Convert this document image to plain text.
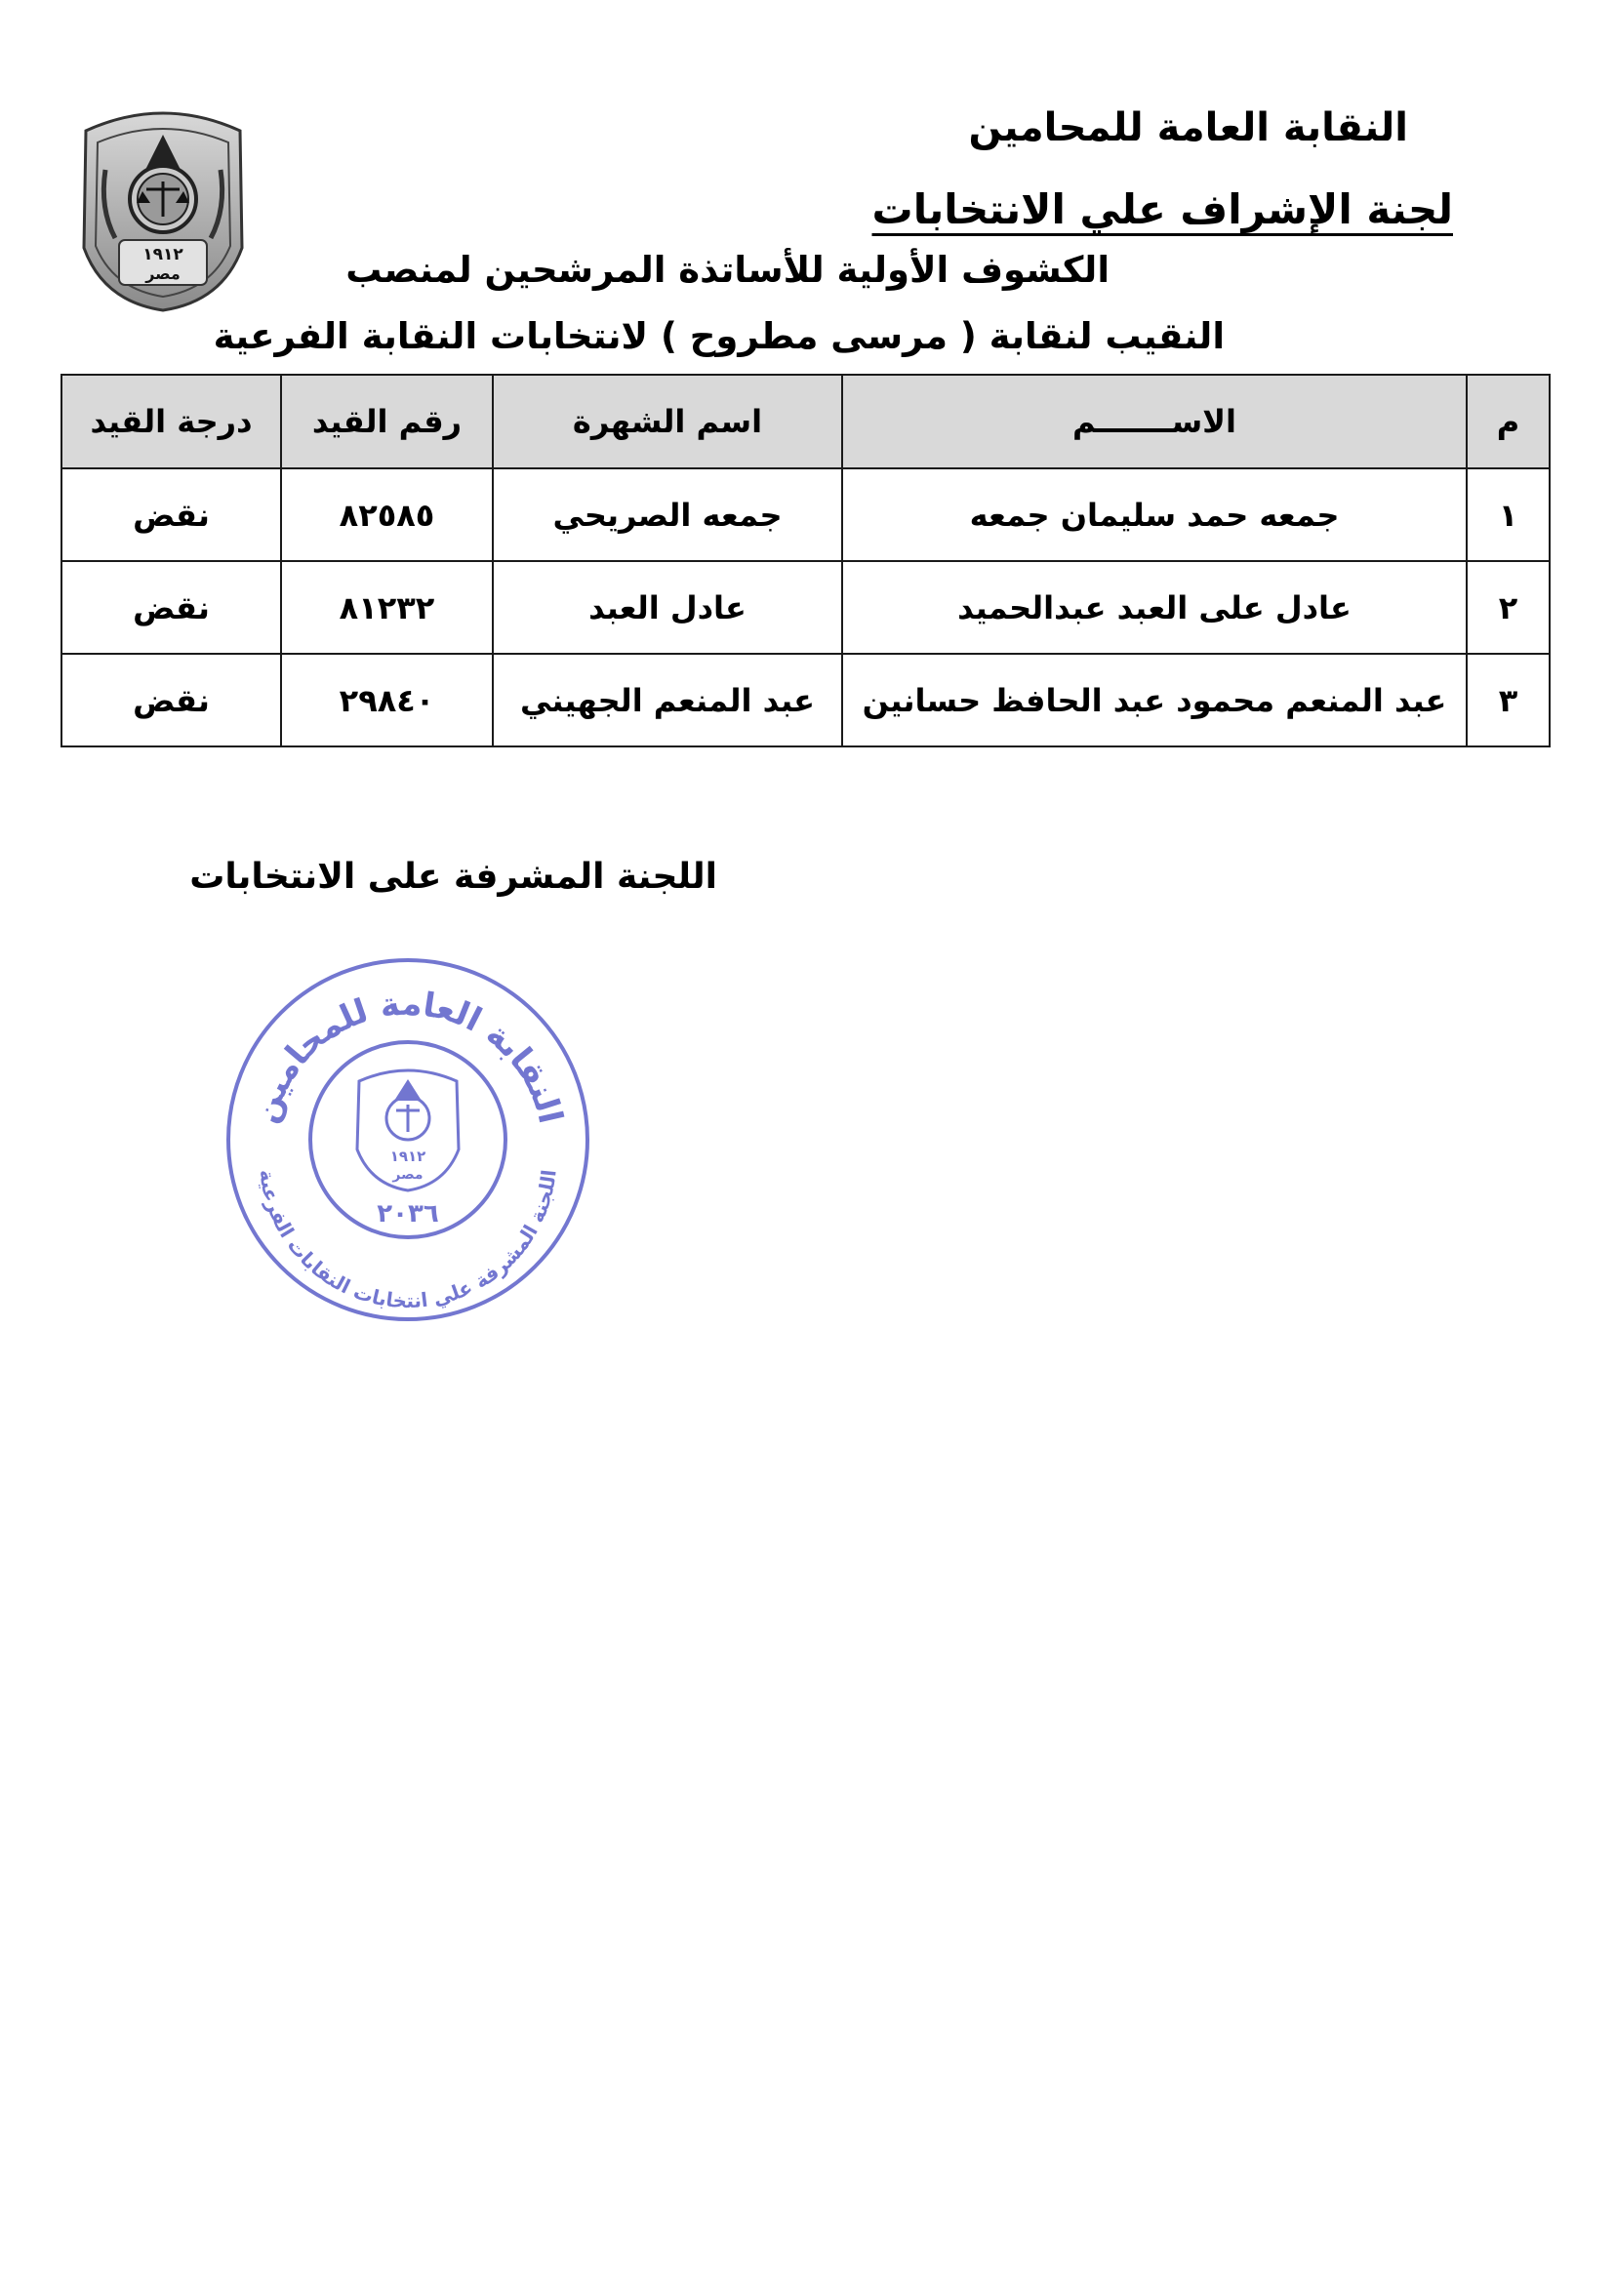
النقابة العامة للمحامين
لجنة الإشراف علي الانتخابات
الكشوف الأولية للأساتذة المرشحين لمنصب
النقيب لنقابة ( مرسى مطروح ) لانتخابات النقابة الفرعية
١٩١٢
مصر
م	الاســـــــم	اسم الشهرة	رقم القيد	درجة القيد
١	جمعه حمد سليمان جمعه	جمعه الصريحي	٨٢٥٨٥	نقض
٢	عادل على العبد عبدالحميد	عادل العبد	٨١٢٣٢	نقض
٣	عبد المنعم محمود عبد الحافظ حسانين	عبد المنعم الجهيني	٢٩٨٤٠	نقض
اللجنة المشرفة على الانتخابات
النقابة العامة للمحامين
اللجنة المشرفة علي انتخابات النقابات الفرعية
١٩١٢
مصر
٢٠٣٦
